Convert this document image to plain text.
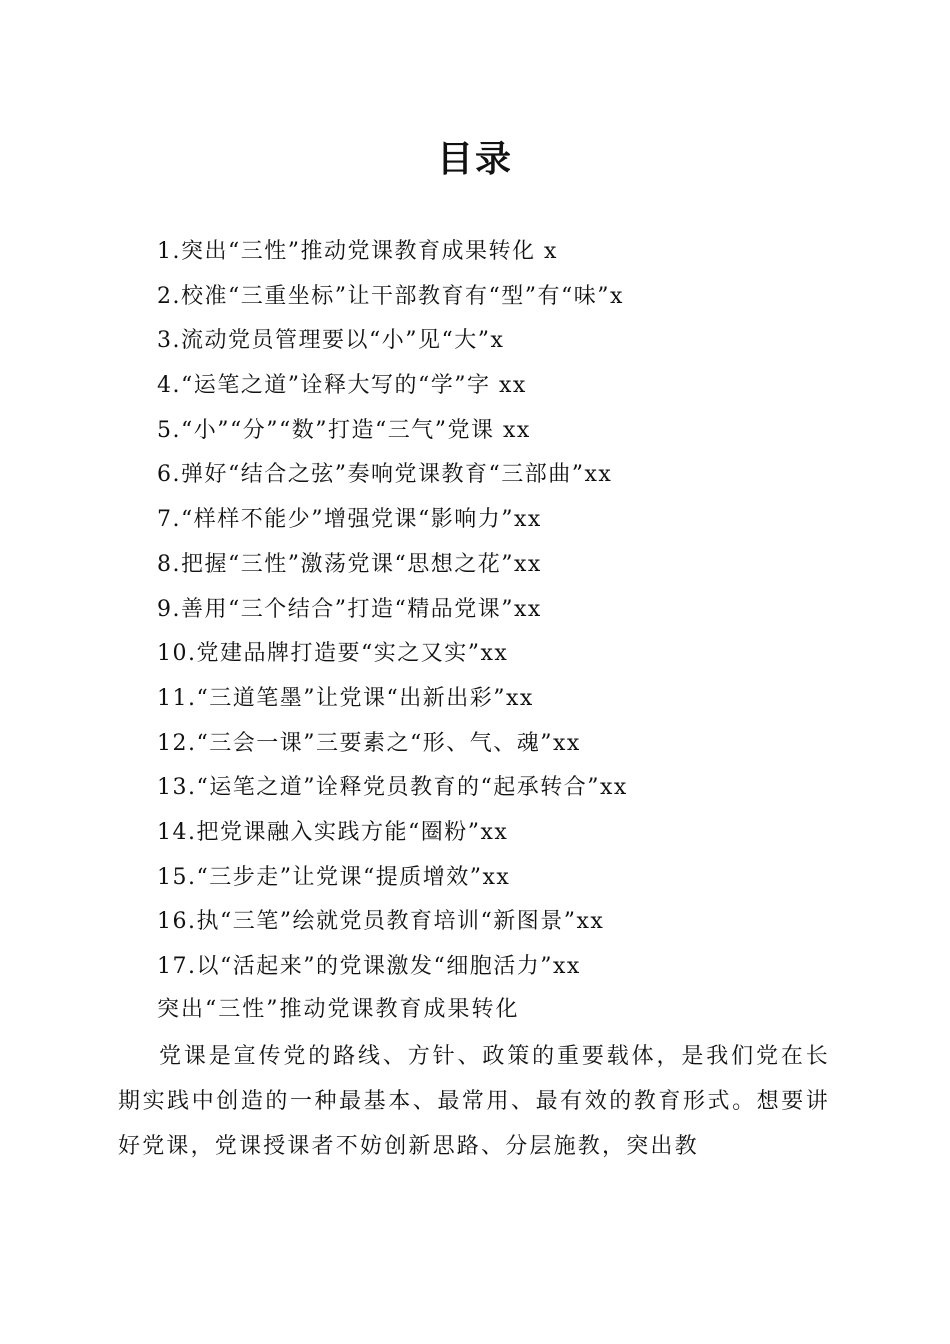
目录
1.突出“三性”推动党课教育成果转化 x
2.校准“三重坐标”让干部教育有“型”有“味”x
3.流动党员管理要以“小”见“大”x
4.“运笔之道”诠释大写的“学”字 xx
5.“小”“分”“数”打造“三气”党课 xx
6.弹好“结合之弦”奏响党课教育“三部曲”xx
7.“样样不能少”增强党课“影响力”xx
8.把握“三性”激荡党课“思想之花”xx
9.善用“三个结合”打造“精品党课”xx
10.党建品牌打造要“实之又实”xx
11.“三道笔墨”让党课“出新出彩”xx
12.“三会一课”三要素之“形、气、魂”xx
13.“运笔之道”诠释党员教育的“起承转合”xx
14.把党课融入实践方能“圈粉”xx
15.“三步走”让党课“提质增效”xx
16.执“三笔”绘就党员教育培训“新图景”xx
17.以“活起来”的党课激发“细胞活力”xx
突出“三性”推动党课教育成果转化

党课是宣传党的路线、方针、政策的重要载体，是我们党在长期实践中创造的一种最基本、最常用、最有效的教育形式。想要讲好党课，党课授课者不妨创新思路、分层施教，突出教
